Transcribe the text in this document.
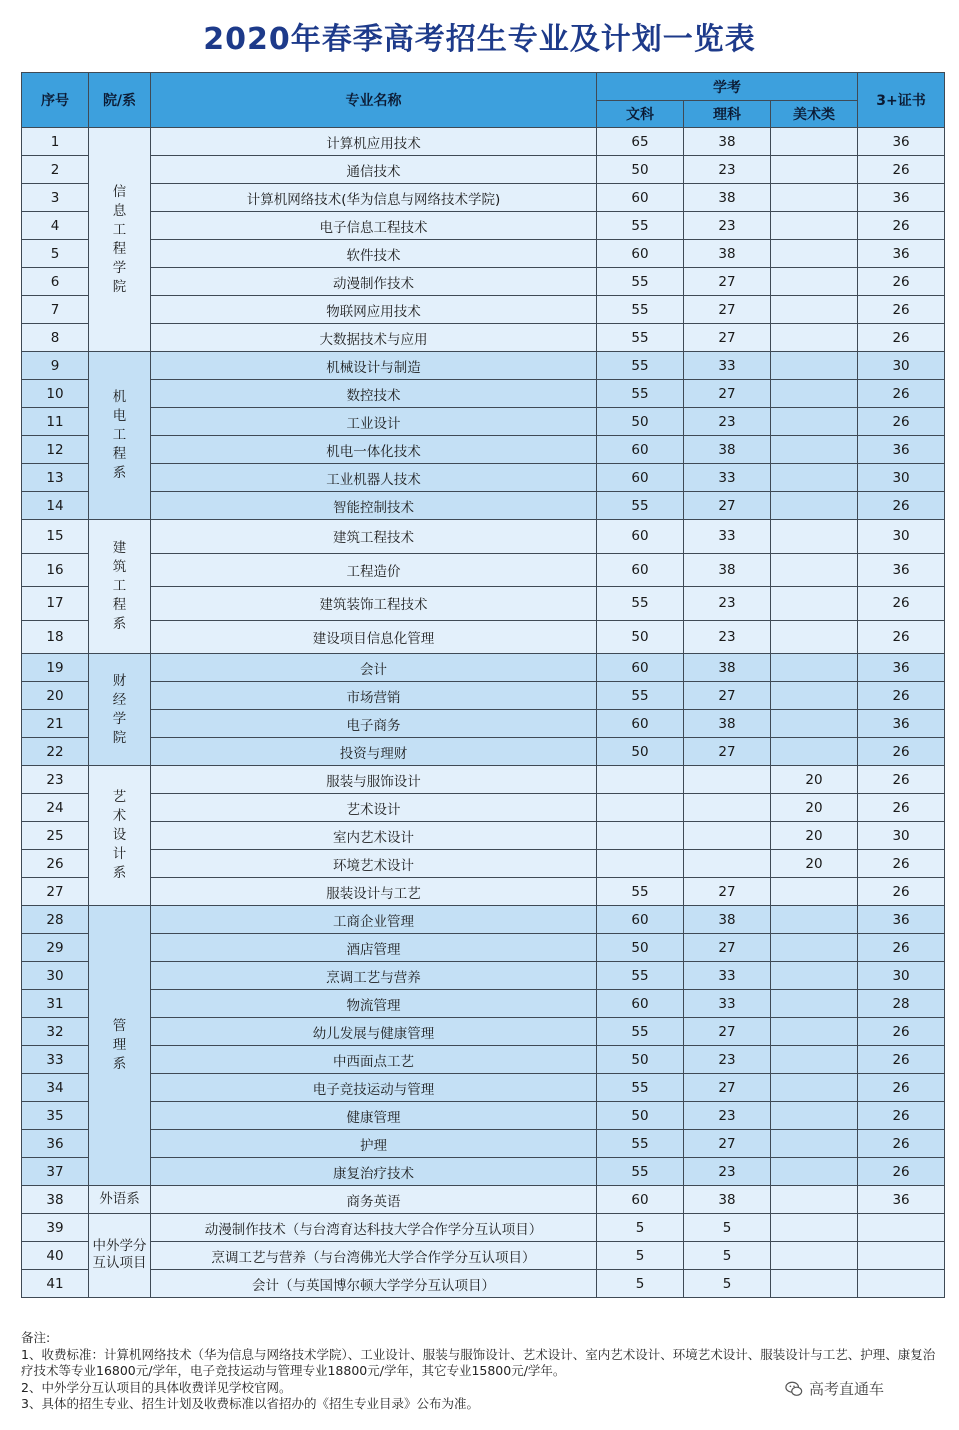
2020年春季高考招生专业及计划一览表
序号	院/系	专业名称	学考			3+证书
			文科	理科	美术类	
1	信息工程学院	计算机应用技术	65	38		36
2		通信技术	50	23		26
3		计算机网络技术(华为信息与网络技术学院)	60	38		36
4		电子信息工程技术	55	23		26
5		软件技术	60	38		36
6		动漫制作技术	55	27		26
7		物联网应用技术	55	27		26
8		大数据技术与应用	55	27		26
9	机电工程系	机械设计与制造	55	33		30
10		数控技术	55	27		26
11		工业设计	50	23		26
12		机电一体化技术	60	38		36
13		工业机器人技术	60	33		30
14		智能控制技术	55	27		26
15	建筑工程系	建筑工程技术	60	33		30
16		工程造价	60	38		36
17		建筑装饰工程技术	55	23		26
18		建设项目信息化管理	50	23		26
19	财经学院	会计	60	38		36
20		市场营销	55	27		26
21		电子商务	60	38		36
22		投资与理财	50	27		26
23	艺术设计系	服装与服饰设计			20	26
24		艺术设计			20	26
25		室内艺术设计			20	30
26		环境艺术设计			20	26
27		服装设计与工艺	55	27		26
28	管理系	工商企业管理	60	38		36
29		酒店管理	50	27		26
30		烹调工艺与营养	55	33		30
31		物流管理	60	33		28
32		幼儿发展与健康管理	55	27		26
33		中西面点工艺	50	23		26
34		电子竞技运动与管理	55	27		26
35		健康管理	50	23		26
36		护理	55	27		26
37		康复治疗技术	55	23		26
38	外语系	商务英语	60	38		36
39	中外学分互认项目	动漫制作技术（与台湾育达科技大学合作学分互认项目）	5	5		
40		烹调工艺与营养（与台湾佛光大学合作学分互认项目）	5	5		
41		会计（与英国博尔顿大学学分互认项目）	5	5		
备注:
1、收费标准：计算机网络技术（华为信息与网络技术学院）、工业设计、服装与服饰设计、艺术设计、室内艺术设计、环境艺术设计、服装设计与工艺、护理、康复治疗技术等专业16800元/学年，电子竞技运动与管理专业18800元/学年，其它专业15800元/学年。
2、中外学分互认项目的具体收费详见学校官网。
3、具体的招生专业、招生计划及收费标准以省招办的《招生专业目录》公布为准。
高考直通车
